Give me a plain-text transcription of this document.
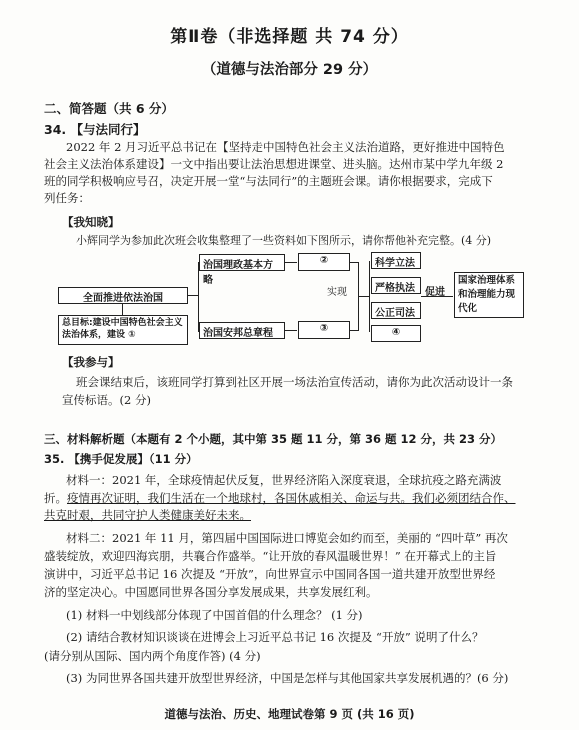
第Ⅱ卷（非选择题 共 74 分）
（道德与法治部分 29 分）
二、简答题（共 6 分）
34. 【与法同行】
2022 年 2 月习近平总书记在【坚持走中国特色社会主义法治道路，更好推进中国特色
社会主义法治体系建设】一文中指出要让法治思想进课堂、进头脑。达州市某中学九年级 2
班的同学积极响应号召，决定开展一堂“与法同行”的主题班会课。请你根据要求，完成下
列任务：
【我知晓】
小辉同学为参加此次班会收集整理了一些资料如下图所示，请你帮他补充完整。(4 分)
全面推进依法治国
总目标:建设中国特色社会主义法治体系，建设 ①
治国理政基本方略
②
治国安邦总章程	③
实现
科学立法
严格执法
公正司法
④
促进
国家治理体系和治理能力现代化
【我参与】
班会课结束后，该班同学打算到社区开展一场法治宣传活动，请你为此次活动设计一条
宣传标语。(2 分)
三、材料解析题（本题有 2 个小题，其中第 35 题 11 分，第 36 题 12 分，共 23 分）
35. 【携手促发展】（11 分）
材料一：2021 年，全球疫情起伏反复，世界经济陷入深度衰退，全球抗疫之路充满波
折。疫情再次证明，我们生活在一个地球村，各国休戚相关、命运与共。我们必须团结合作、
共克时艰，共同守护人类健康美好未来。
材料二：2021 年 11 月，第四届中国国际进口博览会如约而至，美丽的 “四叶草” 再次
盛装绽放，欢迎四海宾朋，共襄合作盛举。“让开放的春风温暖世界！” 在开幕式上的主旨
演讲中，习近平总书记 16 次提及 “开放”，向世界宣示中国同各国一道共建开放型世界经
济的坚定决心。中国愿同世界各国分享发展成果，共享发展红利。
(1) 材料一中划线部分体现了中国首倡的什么理念？ (1 分)
(2) 请结合教材知识谈谈在进博会上习近平总书记 16 次提及 “开放” 说明了什么？
(请分别从国际、国内两个角度作答) (4 分)
(3) 为同世界各国共建开放型世界经济，中国是怎样与其他国家共享发展机遇的？(6 分)
道德与法治、历史、地理试卷第 9 页 (共 16 页)
